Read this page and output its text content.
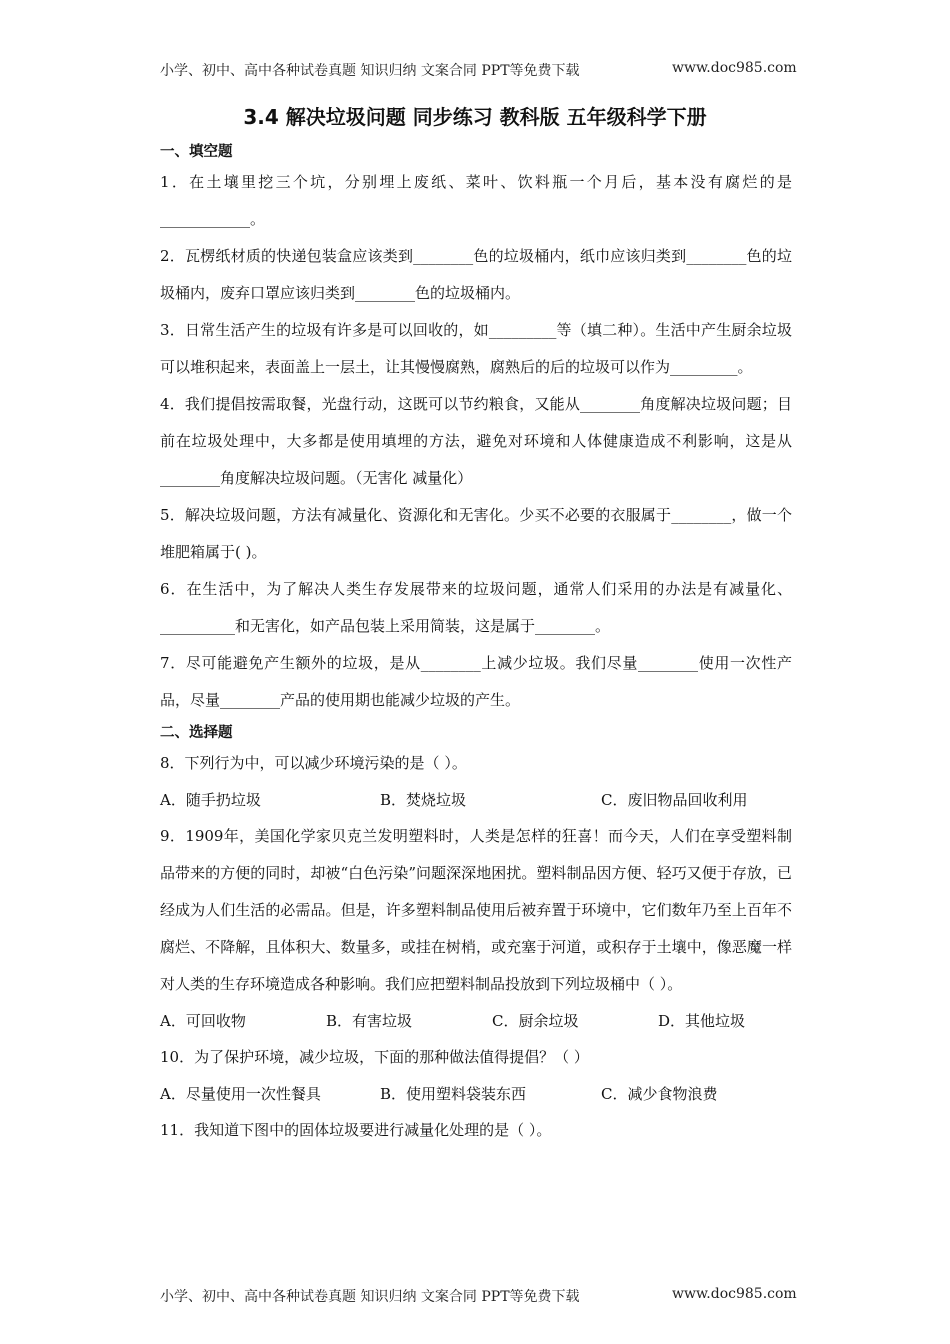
小学、初中、高中各种试卷真题 知识归纳 文案合同 PPT等免费下载	www.doc985.com
3.4 解决垃圾问题 同步练习 教科版 五年级科学下册
一、填空题

1．在土壤里挖三个坑，分别埋上废纸、菜叶、饮料瓶一个月后，基本没有腐烂的是____________。

2．瓦楞纸材质的快递包装盒应该类到________色的垃圾桶内，纸巾应该归类到________色的垃圾桶内，废弃口罩应该归类到________色的垃圾桶内。

3．日常生活产生的垃圾有许多是可以回收的，如_________等（填二种）。生活中产生厨余垃圾可以堆积起来，表面盖上一层土，让其慢慢腐熟，腐熟后的后的垃圾可以作为_________。

4．我们提倡按需取餐，光盘行动，这既可以节约粮食，又能从________角度解决垃圾问题；目前在垃圾处理中，大多都是使用填埋的方法，避免对环境和人体健康造成不利影响，这是从________角度解决垃圾问题。（无害化 减量化）

5．解决垃圾问题，方法有减量化、资源化和无害化。少买不必要的衣服属于________，做一个堆肥箱属于( )。

6．在生活中，为了解决人类生存发展带来的垃圾问题，通常人们采用的办法是有减量化、__________和无害化，如产品包装上采用简装，这是属于________。

7．尽可能避免产生额外的垃圾，是从________上减少垃圾。我们尽量________使用一次性产品，尽量________产品的使用期也能减少垃圾的产生。

二、选择题

8．下列行为中，可以减少环境污染的是（ ）。

A．随手扔垃圾	B．焚烧垃圾	C．废旧物品回收利用

9．1909年，美国化学家贝克兰发明塑料时，人类是怎样的狂喜！而今天，人们在享受塑料制品带来的方便的同时，却被“白色污染”问题深深地困扰。塑料制品因方便、轻巧又便于存放，已经成为人们生活的必需品。但是，许多塑料制品使用后被弃置于环境中，它们数年乃至上百年不腐烂、不降解，且体积大、数量多，或挂在树梢，或充塞于河道，或积存于土壤中，像恶魔一样对人类的生存环境造成各种影响。我们应把塑料制品投放到下列垃圾桶中（ ）。

A．可回收物	B．有害垃圾	C．厨余垃圾	D．其他垃圾

10．为了保护环境，减少垃圾，下面的那种做法值得提倡？（ ）

A．尽量使用一次性餐具	B．使用塑料袋装东西	C．减少食物浪费

11．我知道下图中的固体垃圾要进行减量化处理的是（ ）。

小学、初中、高中各种试卷真题 知识归纳 文案合同 PPT等免费下载	www.doc985.com
